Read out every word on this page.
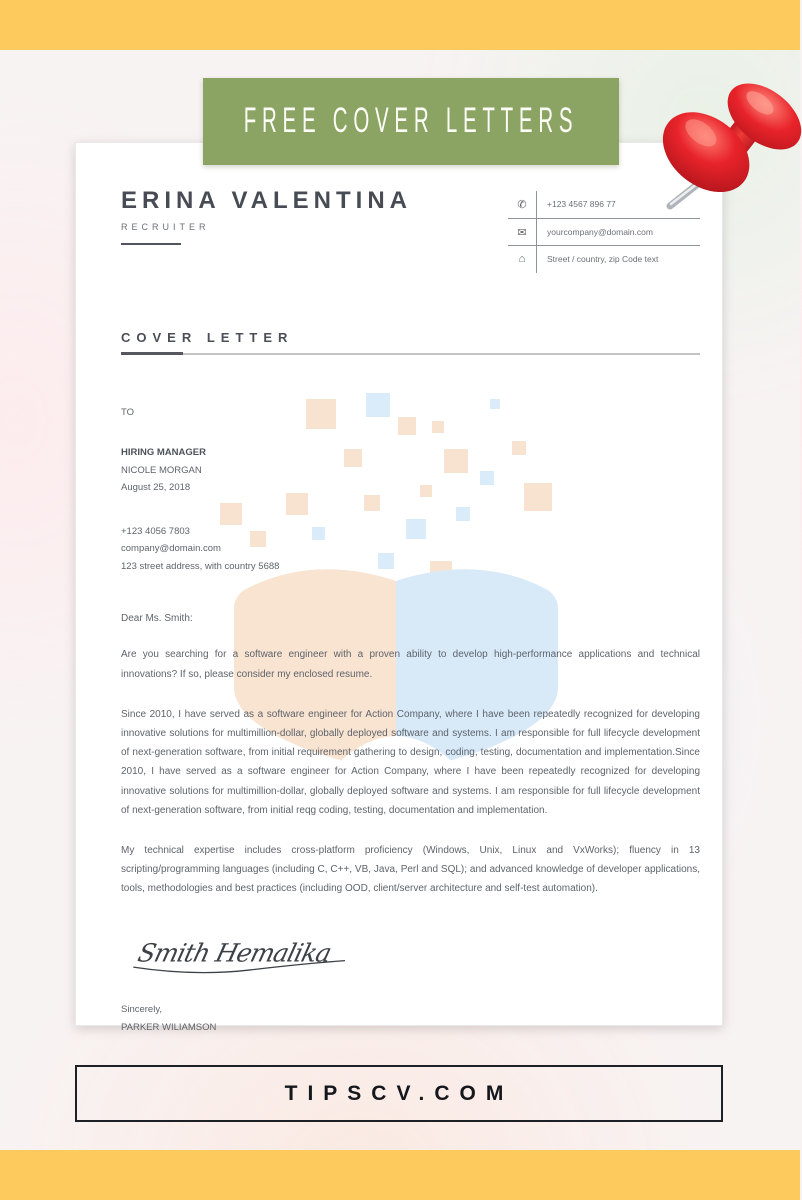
FREE COVER LETTERS
ERINA VALENTINA
RECRUITER
✆	+123 4567 896 77
✉	yourcompany@domain.com
⌂	Street / country, zip Code text
COVER LETTER
TO
HIRING MANAGER
NICOLE MORGAN
August 25, 2018
+123 4056 7803
company@domain.com
123 street address, with country 5688
Dear Ms. Smith:

Are you searching for a software engineer with a proven ability to develop high-performance applications and technical innovations? If so, please consider my enclosed resume.

Since 2010, I have served as a software engineer for Action Company, where I have been repeatedly recognized for developing innovative solutions for multimillion-dollar, globally deployed software and systems. I am responsible for full lifecycle development of next-generation software, from initial requirement gathering to design, coding, testing, documentation and implementation.Since 2010, I have served as a software engineer for Action Company, where I have been repeatedly recognized for developing innovative solutions for multimillion-dollar, globally deployed software and systems. I am responsible for full lifecycle development of next-generation software, from initial reqg coding, testing, documentation and implementation.

My technical expertise includes cross-platform proficiency (Windows, Unix, Linux and VxWorks); fluency in 13 scripting/programming languages (including C, C++, VB, Java, Perl and SQL); and advanced knowledge of developer applications, tools, methodologies and best practices (including OOD, client/server architecture and self-test automation).

Smith Hemalika
Sincerely,
PARKER WILIAMSON
TIPSCV.COM
